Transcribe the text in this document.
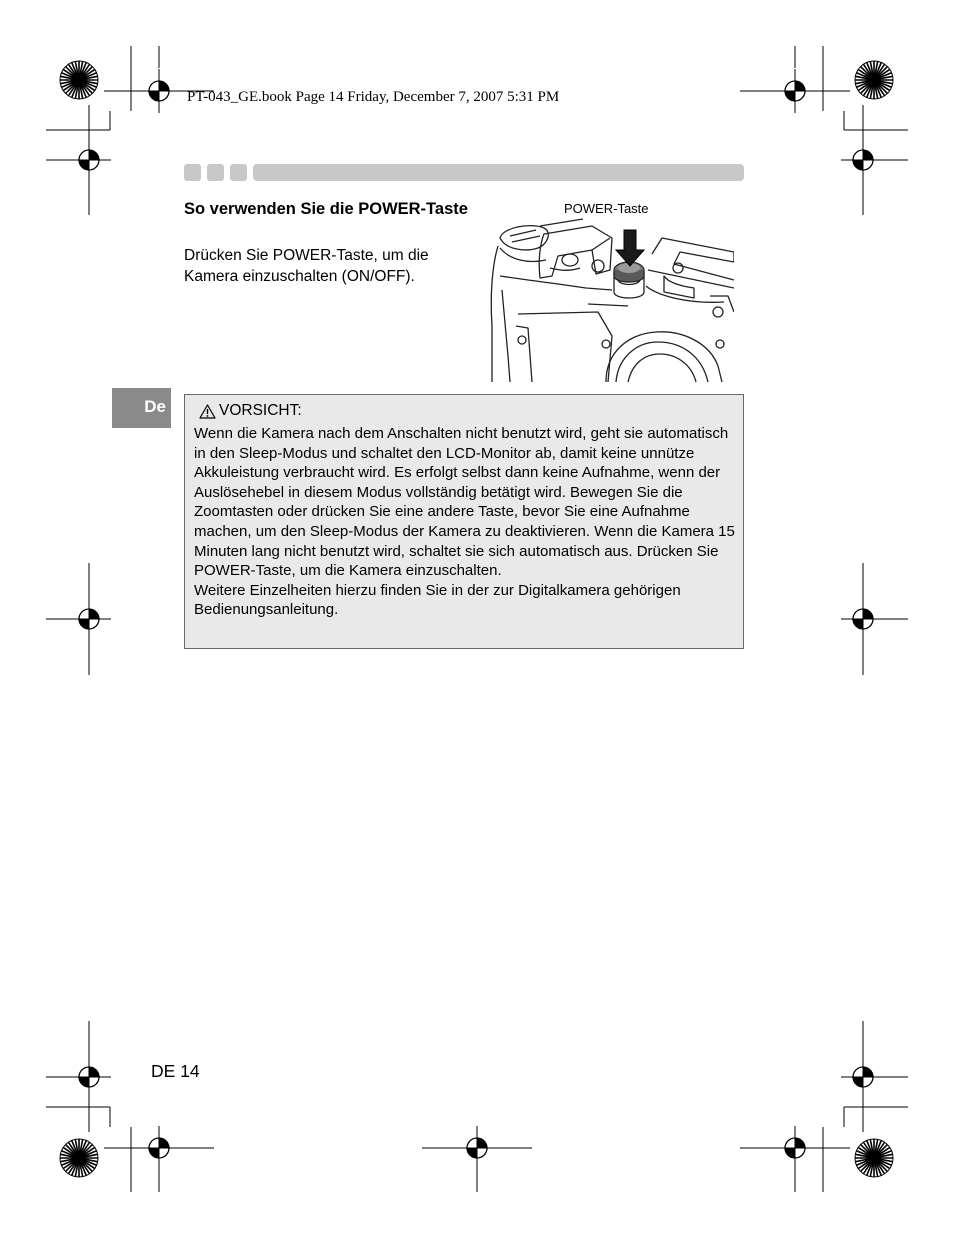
PT-043_GE.book Page 14 Friday, December 7, 2007 5:31 PM
So verwenden Sie die POWER-Taste
Drücken Sie POWER-Taste, um die Kamera einzuschalten (ON/OFF).
POWER-Taste
De	VORSICHT:

Wenn die Kamera nach dem Anschalten nicht benutzt wird, geht sie automatisch in den Sleep-Modus und schaltet den LCD-Monitor ab, damit keine unnütze Akkuleistung verbraucht wird. Es erfolgt selbst dann keine Aufnahme, wenn der Auslösehebel in diesem Modus vollständig betätigt wird. Bewegen Sie die Zoomtasten oder drücken Sie eine andere Taste, bevor Sie eine Aufnahme machen, um den Sleep-Modus der Kamera zu deaktivieren. Wenn die Kamera 15 Minuten lang nicht benutzt wird, schaltet sie sich automatisch aus. Drücken Sie POWER-Taste, um die Kamera einzuschalten.

Weitere Einzelheiten hierzu finden Sie in der zur Digitalkamera gehörigen Bedienungsanleitung.

DE 14
